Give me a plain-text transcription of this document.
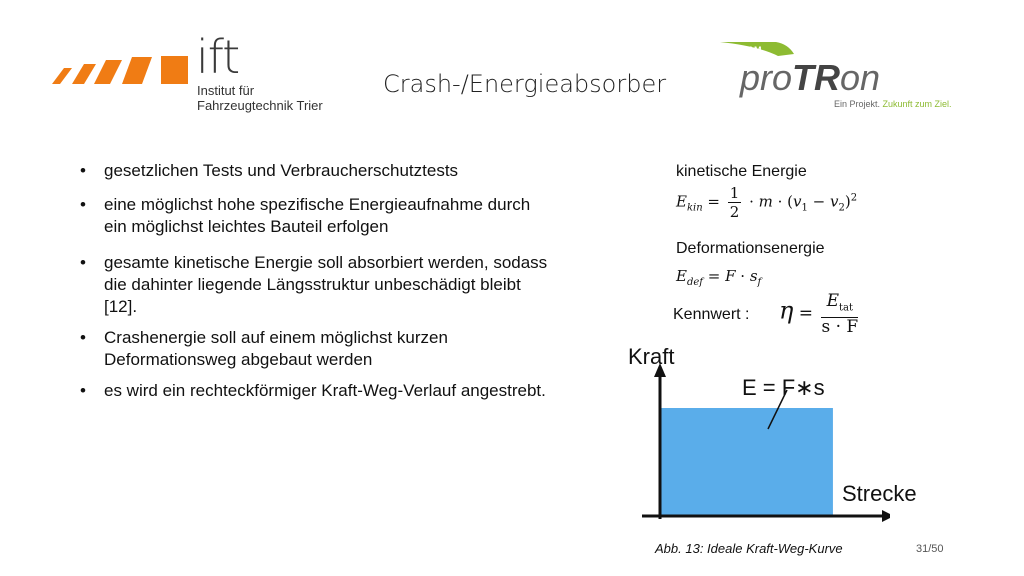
ift
Institut für
Fahrzeugtechnik Trier
Crash-/Energieabsorber
TEAM
proTRon
Ein Projekt. Zukunft zum Ziel.
• gesetzlichen Tests und Verbraucherschutztests
• eine möglichst hohe spezifische Energieaufnahme durch ein möglichst leichtes Bauteil erfolgen
• gesamte kinetische Energie soll absorbiert werden, sodass die dahinter liegende Längsstruktur unbeschädigt bleibt [12].
• Crashenergie soll auf einem möglichst kurzen Deformationsweg abgebaut werden
• es wird ein rechteckförmiger Kraft-Weg-Verlauf angestrebt.
kinetische Energie
$E_{kin} = \frac{1}{2} \cdot m \cdot (v_1 - v_2)^2$
Deformationsenergie
$E_{def} = F \cdot s_f$
Kennwert : $\eta = \frac{E_{tat}}{s \cdot F}$
Kraft
E = F∗s
Strecke
Abb. 13: Ideale Kraft-Weg-Kurve	31/50
